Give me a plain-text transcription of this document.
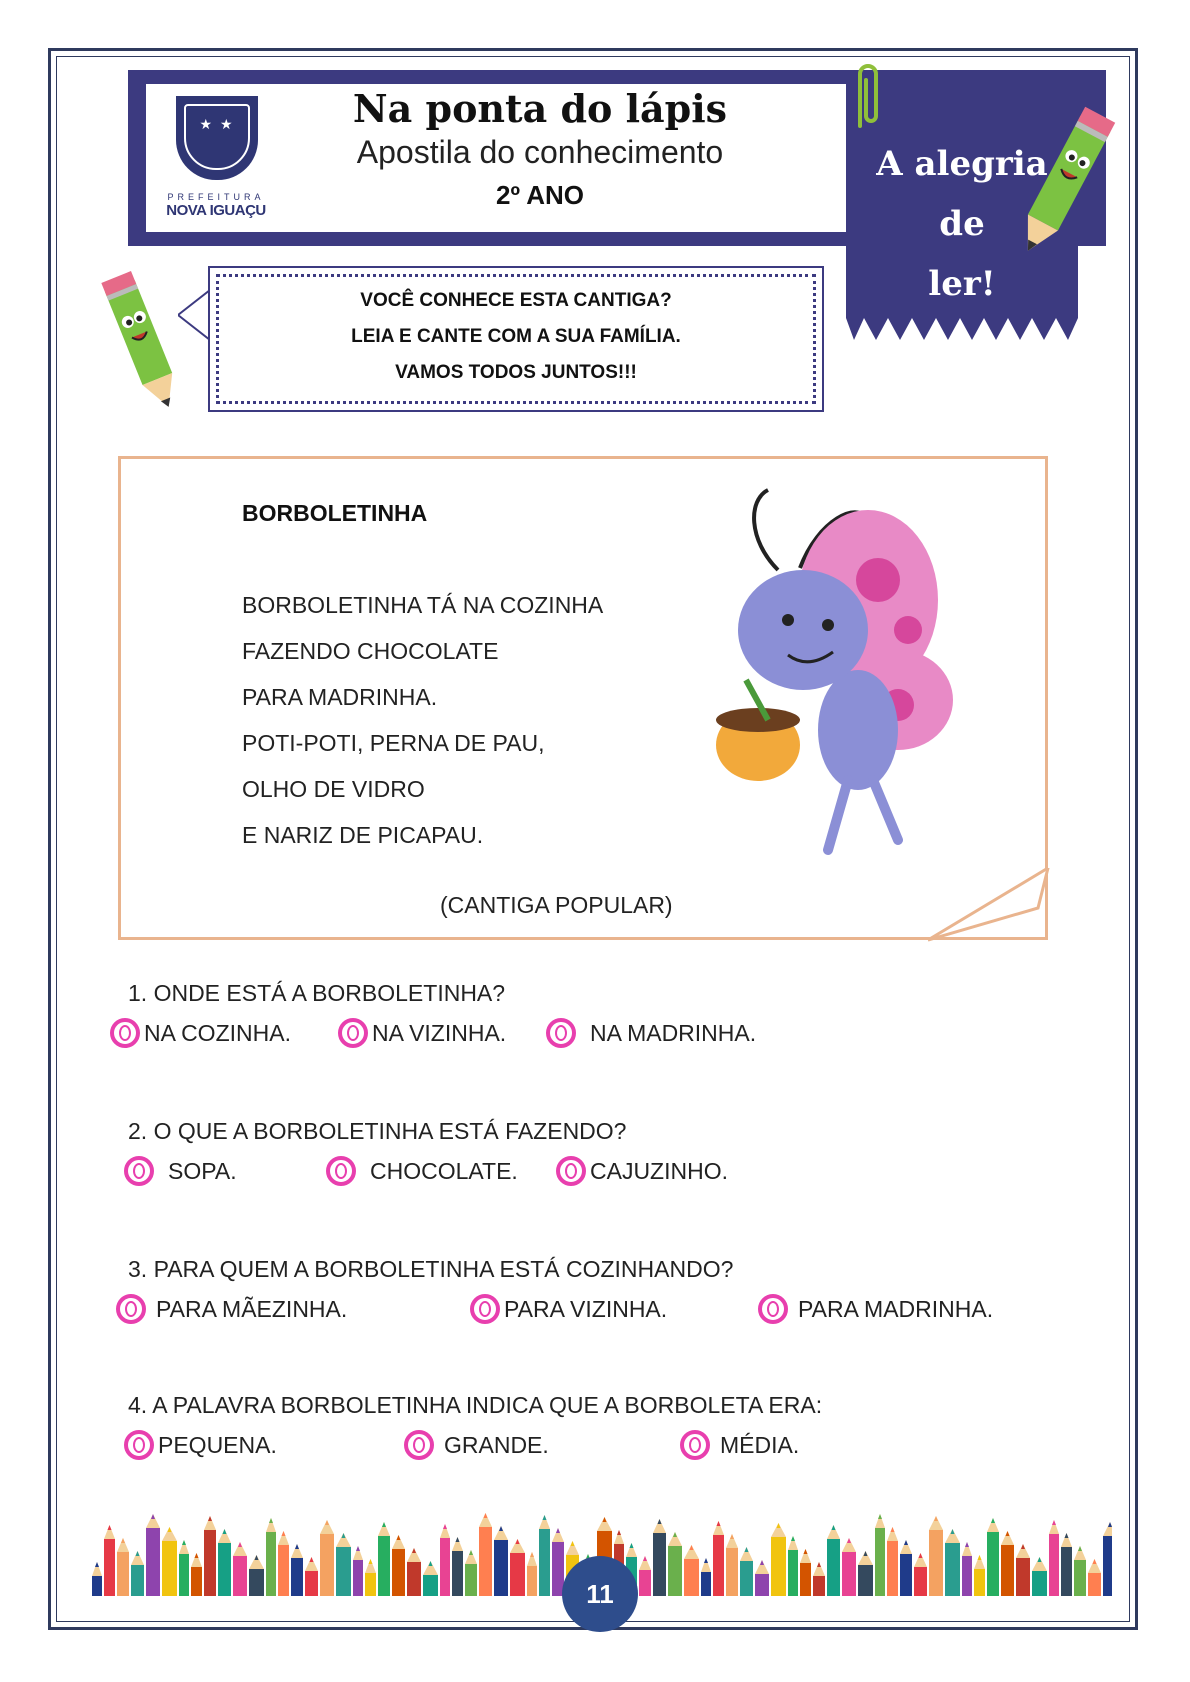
★ ★
PREFEITURA
NOVA IGUAÇU
Na ponta do lápis
Apostila do conhecimento
2º ANO
A alegria
de
ler!
VOCÊ CONHECE ESTA CANTIGA?
LEIA E CANTE COM A SUA FAMÍLIA.
VAMOS TODOS JUNTOS!!!
BORBOLETINHA
BORBOLETINHA TÁ NA COZINHA
FAZENDO CHOCOLATE
PARA MADRINHA.
POTI-POTI, PERNA DE PAU,
OLHO DE VIDRO
E NARIZ DE PICAPAU.
(CANTIGA POPULAR)
1. ONDE ESTÁ A BORBOLETINHA?
NA COZINHA.	NA VIZINHA.	NA MADRINHA.
2. O QUE A BORBOLETINHA ESTÁ FAZENDO?
SOPA.	CHOCOLATE.	CAJUZINHO.
3. PARA QUEM A BORBOLETINHA ESTÁ COZINHANDO?
PARA MÃEZINHA.	PARA VIZINHA.	PARA MADRINHA.
4. A PALAVRA BORBOLETINHA INDICA QUE A BORBOLETA ERA:
PEQUENA.	GRANDE.	MÉDIA.
11
